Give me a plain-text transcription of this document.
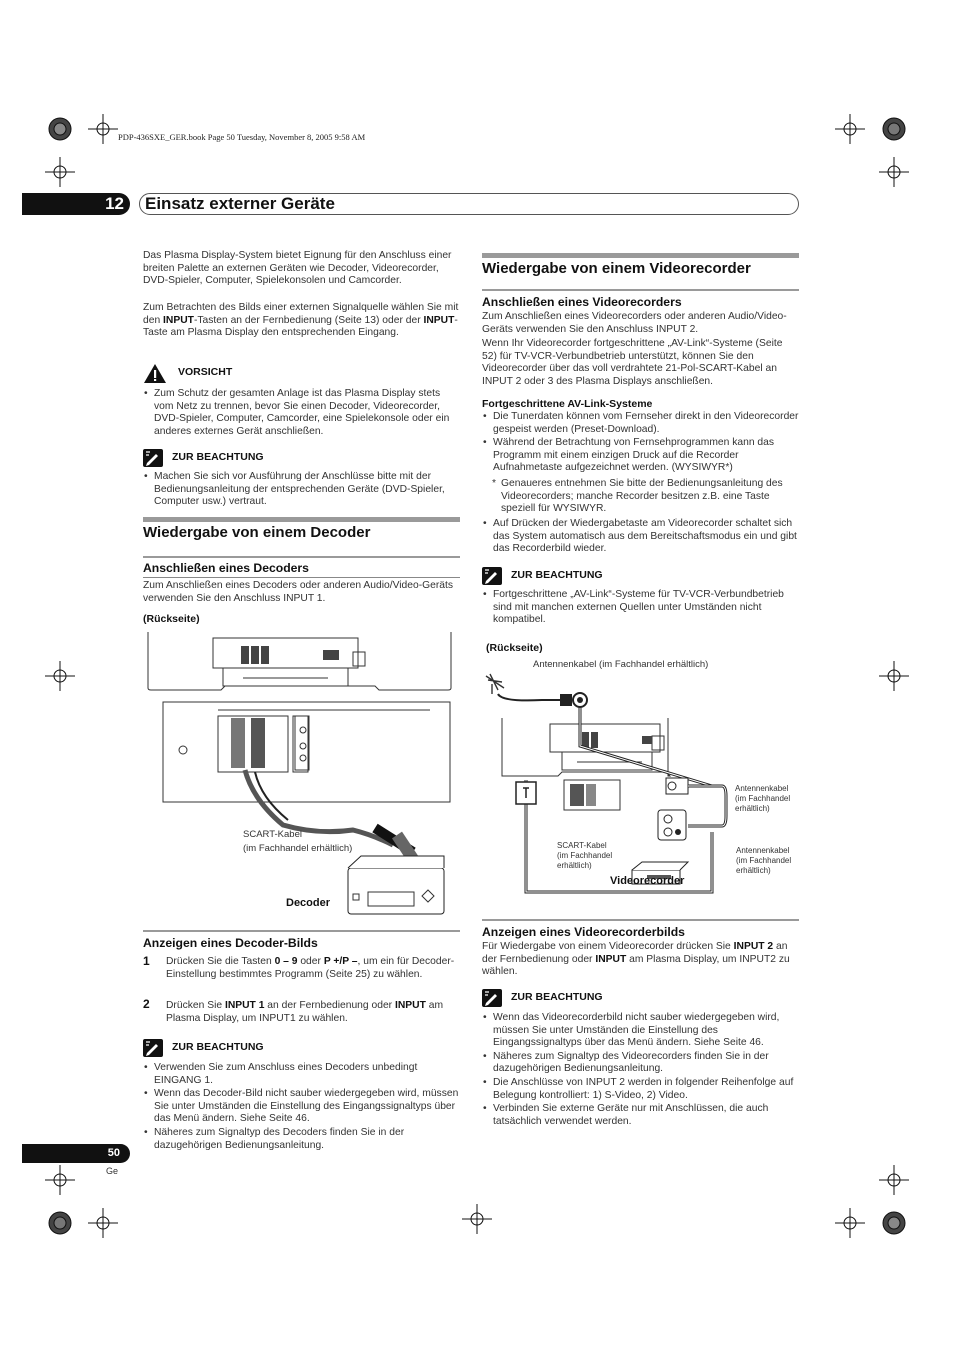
PDP-436SXE_GER.book Page 50 Tuesday, November 8, 2005 9:58 AM
12	Einsatz externer Geräte
Das Plasma Display-System bietet Eignung für den Anschluss einer breiten Palette an externen Geräten wie Decoder, Videorecorder, DVD-Spieler, Computer, Spielekonsolen und Camcorder.
Zum Betrachten des Bilds einer externen Signalquelle wählen Sie mit den INPUT-Tasten an der Fernbedienung (Seite 13) oder der INPUT-Taste am Plasma Display den entsprechenden Eingang.
VORSICHT
• Zum Schutz der gesamten Anlage ist das Plasma Display stets vom Netz zu trennen, bevor Sie einen Decoder, Videorecorder, DVD-Spieler, Computer, Camcorder, eine Spielekonsole oder ein anderes externes Gerät anschließen.
ZUR BEACHTUNG
• Machen Sie sich vor Ausführung der Anschlüsse bitte mit der Bedienungsanleitung der entsprechenden Geräte (DVD-Spieler, Computer usw.) vertraut.
Wiedergabe von einem Decoder
Anschließen eines Decoders
Zum Anschließen eines Decoders oder anderen Audio/Video-Geräts verwenden Sie den Anschluss INPUT 1.
(Rückseite)
SCART-Kabel
(im Fachhandel erhältlich)
Decoder
Anzeigen eines Decoder-Bilds
1 Drücken Sie die Tasten 0 – 9 oder P +/P –, um ein für Decoder-Einstellung bestimmtes Programm (Seite 25) zu wählen.
2 Drücken Sie INPUT 1 an der Fernbedienung oder INPUT am Plasma Display, um INPUT1 zu wählen.
ZUR BEACHTUNG
• Verwenden Sie zum Anschluss eines Decoders unbedingt EINGANG 1.
• Wenn das Decoder-Bild nicht sauber wiedergegeben wird, müssen Sie unter Umständen die Einstellung des Eingangssignaltyps über das Menü ändern. Siehe Seite 46.
• Näheres zum Signaltyp des Decoders finden Sie in der dazugehörigen Bedienungsanleitung.
Wiedergabe von einem Videorecorder
Anschließen eines Videorecorders
Zum Anschließen eines Videorecorders oder anderen Audio/Video-Geräts verwenden Sie den Anschluss INPUT 2.
Wenn Ihr Videorecorder fortgeschrittene „AV-Link“-Systeme (Seite 52) für TV-VCR-Verbundbetrieb unterstützt, können Sie den Videorecorder über das voll verdrahtete 21-Pol-SCART-Kabel an INPUT 2 oder 3 des Plasma Displays anschließen.
Fortgeschrittene AV-Link-Systeme
• Die Tunerdaten können vom Fernseher direkt in den Videorecorder gespeist werden (Preset-Download).
• Während der Betrachtung von Fernsehprogrammen kann das Programm mit einem einzigen Druck auf die Recorder Aufnahmetaste aufgezeichnet werden. (WYSIWYR*)
* Genaueres entnehmen Sie bitte der Bedienungsanleitung des Videorecorders; manche Recorder besitzen z.B. eine Taste speziell für WYSIWYR.
• Auf Drücken der Wiedergabetaste am Videorecorder schaltet sich das System automatisch aus dem Bereitschaftsmodus ein und gibt das Recorderbild wieder.
ZUR BEACHTUNG
• Fortgeschrittene „AV-Link“-Systeme für TV-VCR-Verbundbetrieb sind mit manchen externen Quellen unter Umständen nicht kompatibel.
(Rückseite)
Antennenkabel (im Fachhandel erhältlich)
Antennenkabel
(im Fachhandel
erhältlich)
Antennenkabel
(im Fachhandel
erhältlich)
SCART-Kabel
(im Fachhandel
erhältlich)
Videorecorder
Anzeigen eines Videorecorderbilds
Für Wiedergabe von einem Videorecorder drücken Sie INPUT 2 an der Fernbedienung oder INPUT am Plasma Display, um INPUT2 zu wählen.
ZUR BEACHTUNG
• Wenn das Videorecorderbild nicht sauber wiedergegeben wird, müssen Sie unter Umständen die Einstellung des Eingangssignaltyps über das Menü ändern. Siehe Seite 46.
• Näheres zum Signaltyp des Videorecorders finden Sie in der dazugehörigen Bedienungsanleitung.
• Die Anschlüsse von INPUT 2 werden in folgender Reihenfolge auf Belegung kontrolliert: 1) S-Video, 2) Video.
• Verbinden Sie externe Geräte nur mit Anschlüssen, die auch tatsächlich verwendet werden.
50
Ge
